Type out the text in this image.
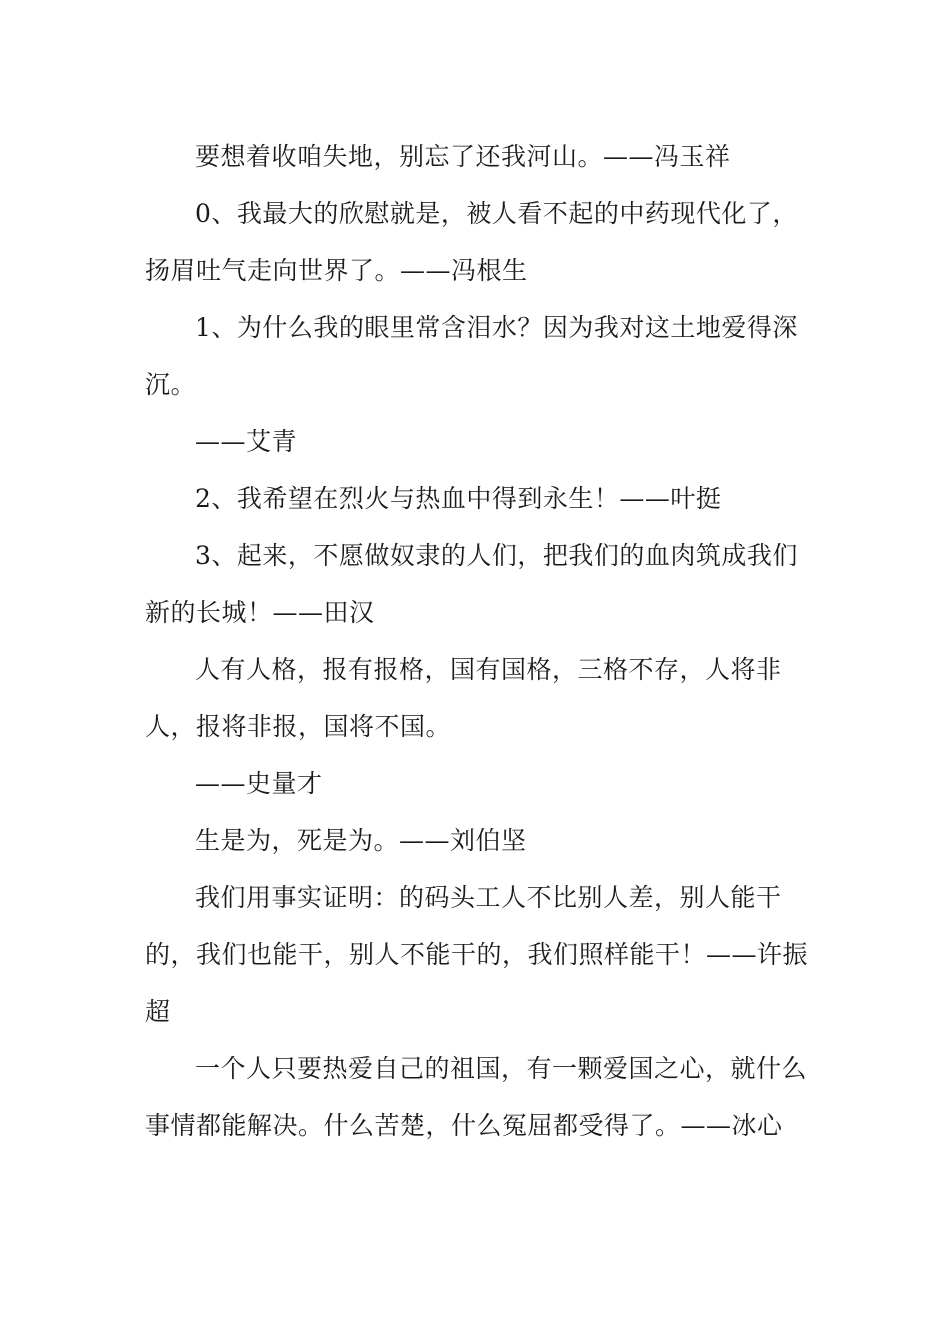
要想着收咱失地，别忘了还我河山。——冯玉祥

0、我最大的欣慰就是，被人看不起的中药现代化了，扬眉吐气走向世界了。——冯根生

1、为什么我的眼里常含泪水？因为我对这土地爱得深沉。

——艾青

2、我希望在烈火与热血中得到永生！——叶挺

3、起来，不愿做奴隶的人们，把我们的血肉筑成我们新的长城！——田汉

人有人格，报有报格，国有国格，三格不存，人将非人，报将非报，国将不国。

——史量才

生是为，死是为。——刘伯坚

我们用事实证明：的码头工人不比别人差，别人能干的，我们也能干，别人不能干的，我们照样能干！——许振超

一个人只要热爱自己的祖国，有一颗爱国之心，就什么事情都能解决。什么苦楚，什么冤屈都受得了。——冰心
